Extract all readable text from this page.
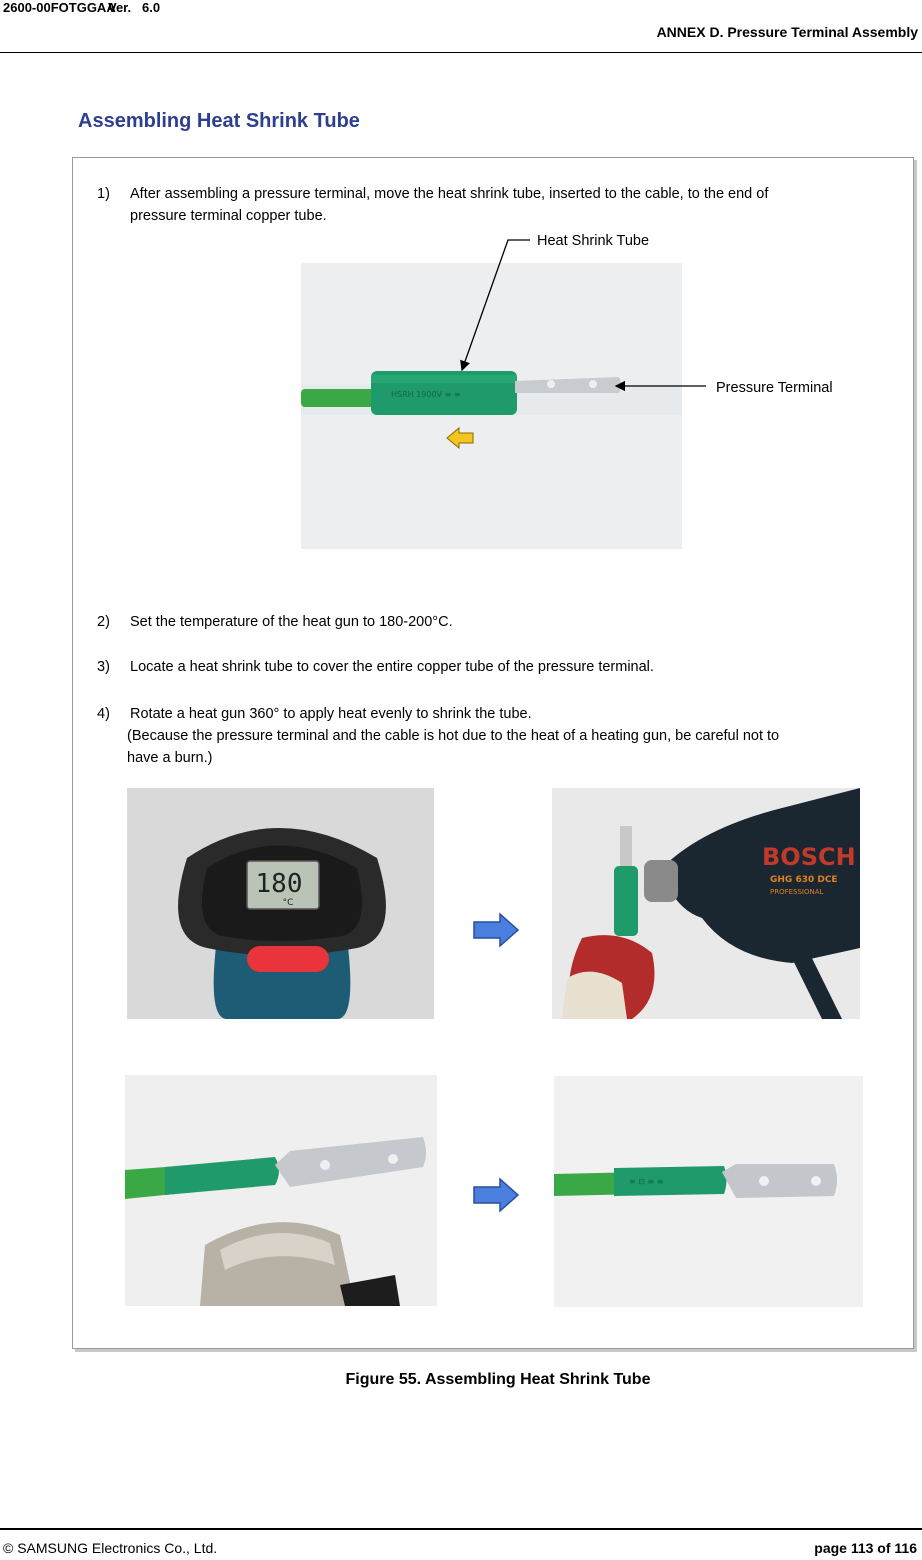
2600-00FOTGGAA
Ver.   6.0
ANNEX D. Pressure Terminal Assembly
Assembling Heat Shrink Tube
1) After assembling a pressure terminal, move the heat shrink tube, inserted to the cable, to the end of
pressure terminal copper tube.
Heat Shrink Tube
Pressure Terminal
HSRH 1900V ≡ ≡
2) Set the temperature of the heat gun to 180-200°C.
3) Locate a heat shrink tube to cover the entire copper tube of the pressure terminal.
4) Rotate a heat gun 360° to apply heat evenly to shrink the tube.
(Because the pressure terminal and the cable is hot due to the heat of a heating gun, be careful not to
have a burn.)
180
°C
BOSCH
GHG 630 DCE
PROFESSIONAL
≡ ⊡ ≡ ≡
Figure 55. Assembling Heat Shrink Tube
© SAMSUNG Electronics Co., Ltd.	page 113 of 116
